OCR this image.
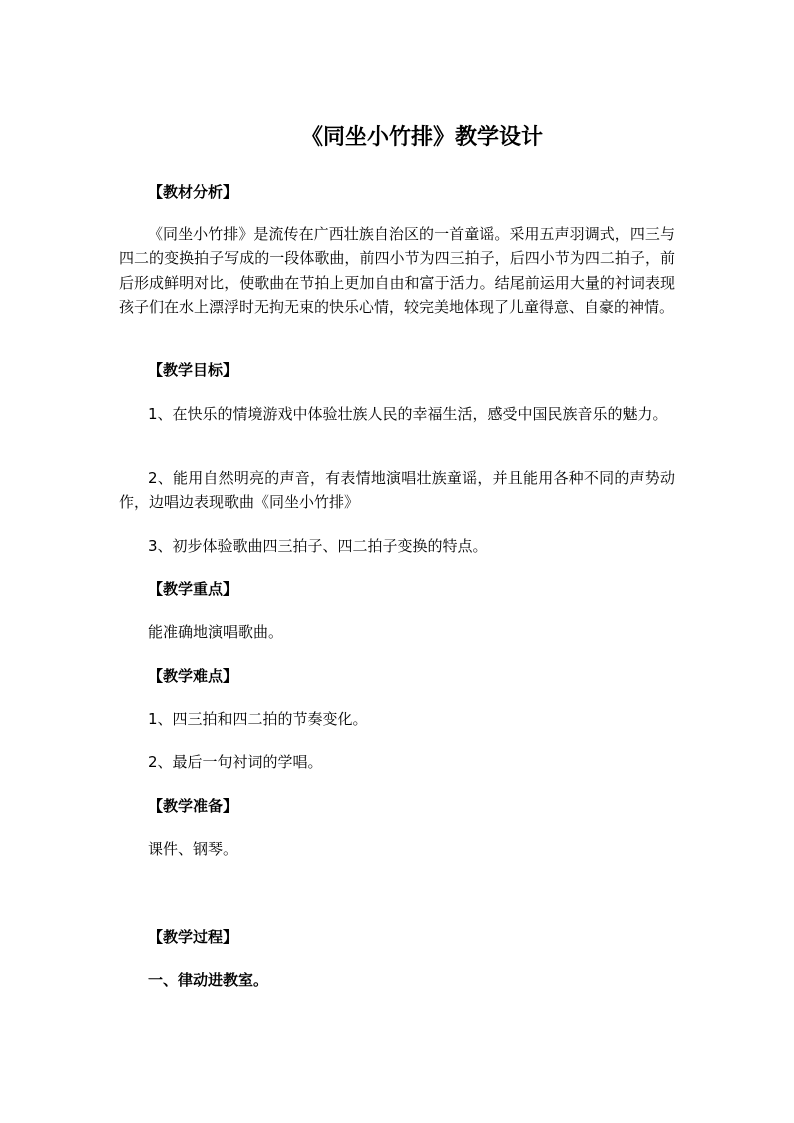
《同坐小竹排》教学设计

【教材分析】

《同坐小竹排》是流传在广西壮族自治区的一首童谣。采用五声羽调式，四三与四二的变换拍子写成的一段体歌曲，前四小节为四三拍子，后四小节为四二拍子，前后形成鲜明对比，使歌曲在节拍上更加自由和富于活力。结尾前运用大量的衬词表现孩子们在水上漂浮时无拘无束的快乐心情，较完美地体现了儿童得意、自豪的神情。

【教学目标】

1、在快乐的情境游戏中体验壮族人民的幸福生活，感受中国民族音乐的魅力。

2、能用自然明亮的声音，有表情地演唱壮族童谣，并且能用各种不同的声势动作，边唱边表现歌曲《同坐小竹排》

3、初步体验歌曲四三拍子、四二拍子变换的特点。

【教学重点】

能准确地演唱歌曲。

【教学难点】

1、四三拍和四二拍的节奏变化。

2、最后一句衬词的学唱。

【教学准备】

课件、钢琴。

【教学过程】

一、律动进教室。
